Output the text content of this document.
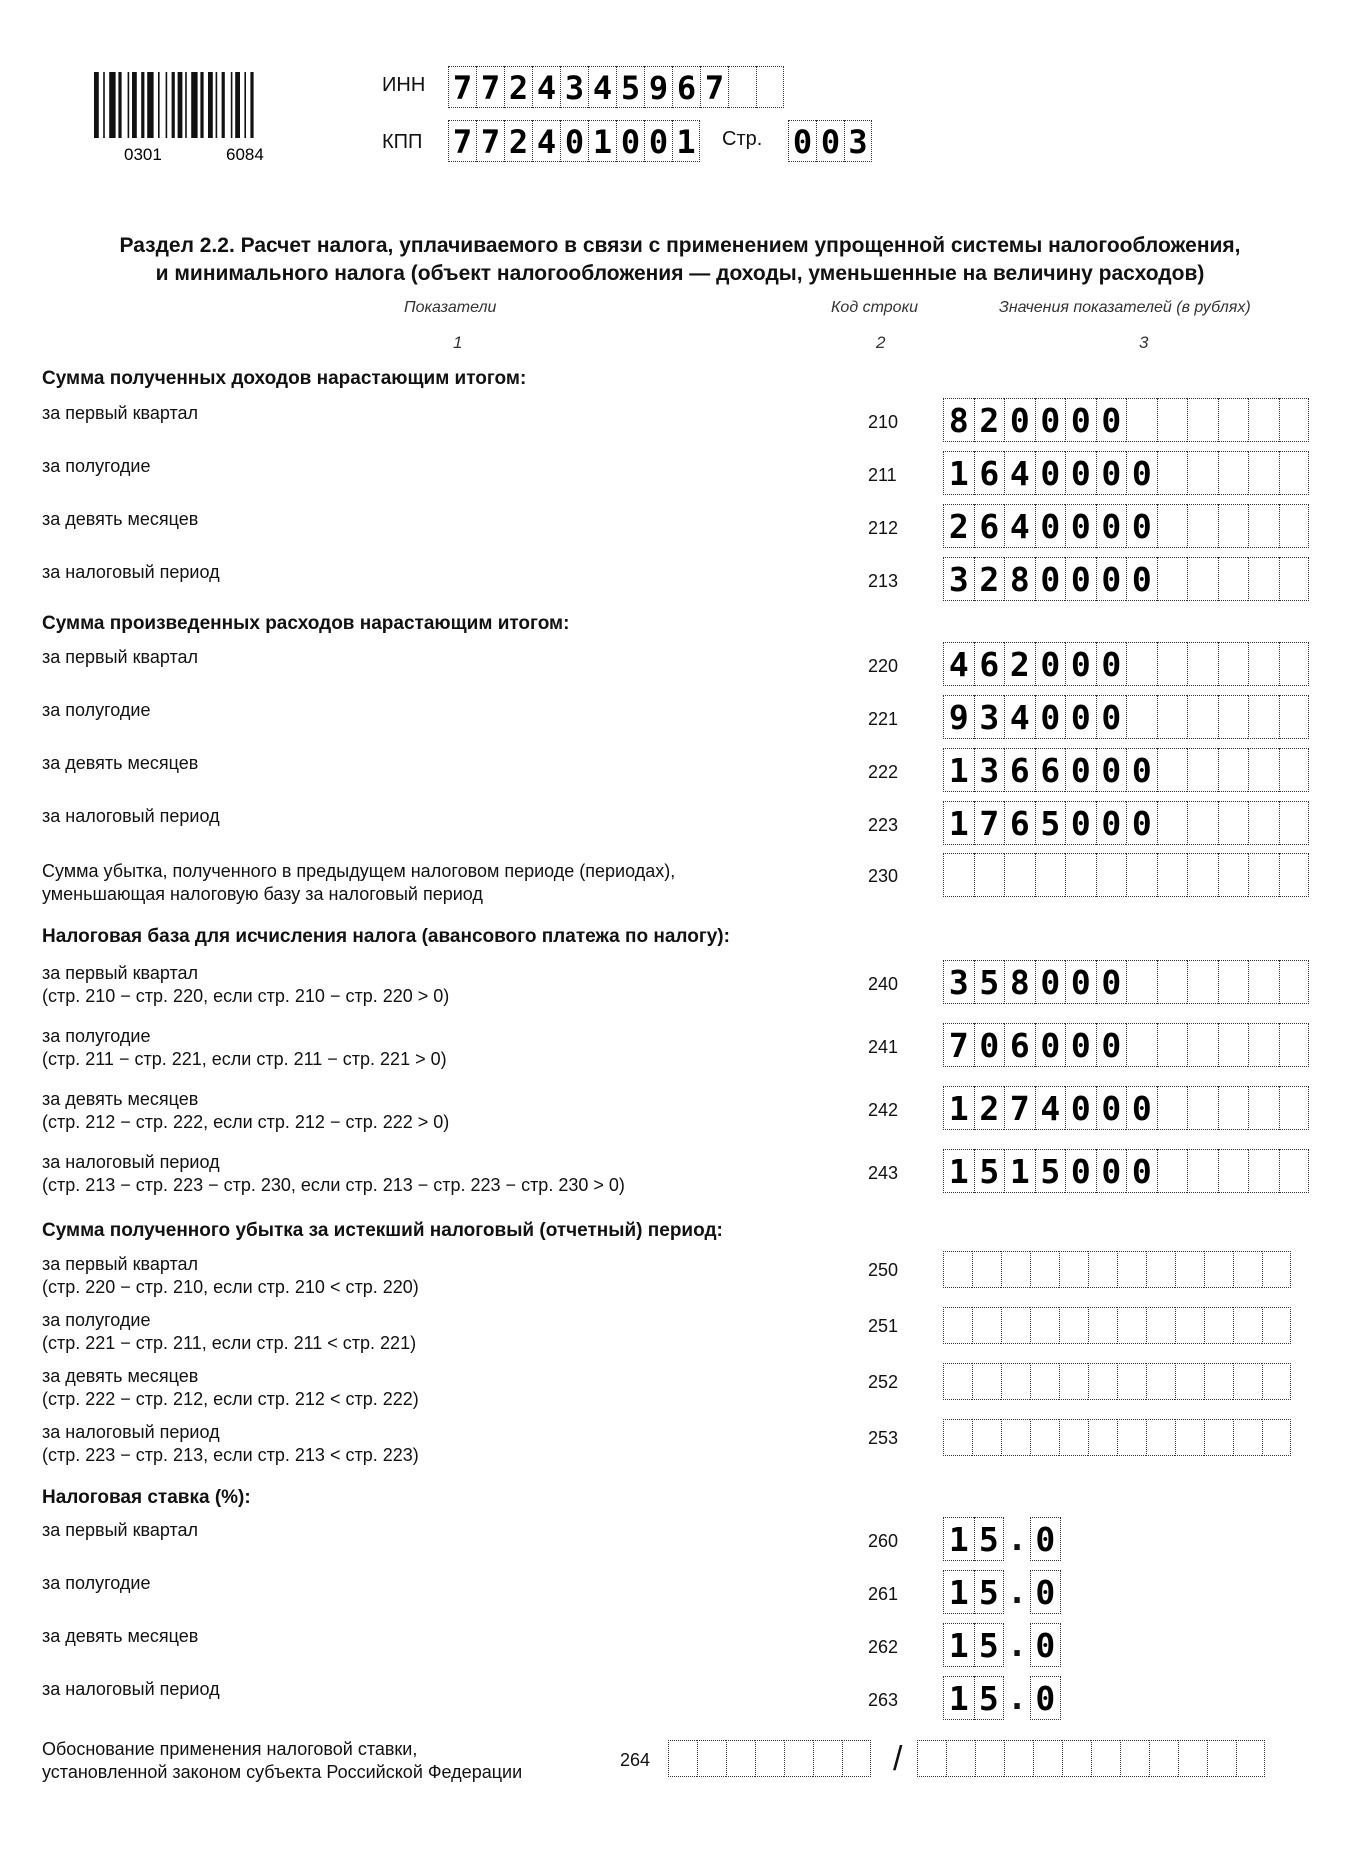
0301	6084
ИНН 7 7 2 4 3 4 5 9 6 7
КПП 7 7 2 4 0 1 0 0 1 Стр. 0 0 3
Раздел 2.2. Расчет налога, уплачиваемого в связи с применением упрощенной системы налогообложения,
и минимального налога (объект налогообложения — доходы, уменьшенные на величину расходов)
Показатели	Код строки	Значения показателей (в рублях)
1	2	3
Сумма полученных доходов нарастающим итогом:
за первый квартал	210 8 2 0 0 0 0
за полугодие	211 1 6 4 0 0 0 0
за девять месяцев	212 2 6 4 0 0 0 0
за налоговый период	213 3 2 8 0 0 0 0
Сумма произведенных расходов нарастающим итогом:
за первый квартал	220 4 6 2 0 0 0
за полугодие	221 9 3 4 0 0 0
за девять месяцев	222 1 3 6 6 0 0 0
за налоговый период	223 1 7 6 5 0 0 0
Сумма убытка, полученного в предыдущем налоговом периоде (периодах),
уменьшающая налоговую базу за налоговый период
230
Налоговая база для исчисления налога (авансового платежа по налогу):
за первый квартал
(стр. 210 − стр. 220, если стр. 210 − стр. 220 > 0)
240 3 5 8 0 0 0
за полугодие
(стр. 211 − стр. 221, если стр. 211 − стр. 221 > 0)
241 7 0 6 0 0 0
за девять месяцев
(стр. 212 − стр. 222, если стр. 212 − стр. 222 > 0)
242 1 2 7 4 0 0 0
за налоговый период
(стр. 213 − стр. 223 − стр. 230, если стр. 213 − стр. 223 − стр. 230 > 0)
243 1 5 1 5 0 0 0
Сумма полученного убытка за истекший налоговый (отчетный) период:
за первый квартал
(стр. 220 − стр. 210, если стр. 210 < стр. 220)
250
за полугодие
(стр. 221 − стр. 211, если стр. 211 < стр. 221)
251
за девять месяцев
(стр. 222 − стр. 212, если стр. 212 < стр. 222)
252
за налоговый период
(стр. 223 − стр. 213, если стр. 213 < стр. 223)
253
Налоговая ставка (%):
за первый квартал
260 1 5 . 0
за полугодие
261 1 5 . 0
за девять месяцев
262 1 5 . 0
за налоговый период
263 1 5 . 0
Обоснование применения налоговой ставки,
установленной законом субъекта Российской Федерации
264	/
